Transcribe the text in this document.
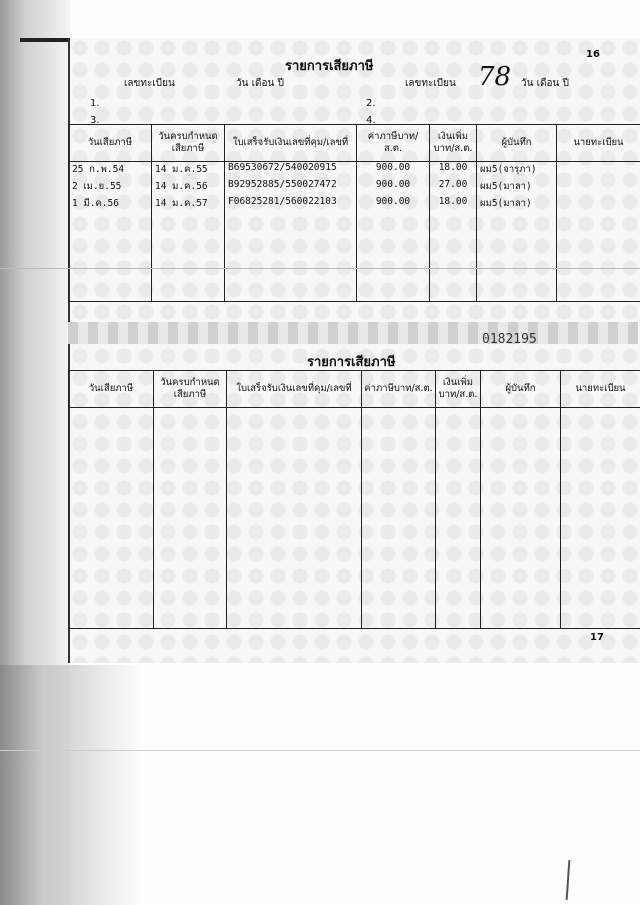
16
รายการเสียภาษี
เลขทะเบียน	วัน เดือน ปี	เลขทะเบียน 78 วัน เดือน ปี
1.	2.
3.	4.
วันเสียภาษี	วันครบกำหนดเสียภาษี	ใบเสร็จรับเงินเลขที่คุม/เลขที่	ค่าภาษีบาท/ส.ต.	เงินเพิ่มบาท/ส.ต.	ผู้บันทึก	นายทะเบียน
25 ก.พ.54	14 ม.ค.55	B69530672/540020915	900.00	18.00	ผม5(จารุภา)	
2 เม.ย.55	14 ม.ค.56	B92952885/550027472	900.00	27.00	ผม5(มาลา)	
1 มี.ค.56	14 ม.ค.57	F06825281/560022103	900.00	18.00	ผม5(มาลา)	

0182195
รายการเสียภาษี
วันเสียภาษี	วันครบกำหนดเสียภาษี	ใบเสร็จรับเงินเลขที่คุม/เลขที่	ค่าภาษีบาท/ส.ต.	เงินเพิ่มบาท/ส.ต.	ผู้บันทึก	นายทะเบียน

17
